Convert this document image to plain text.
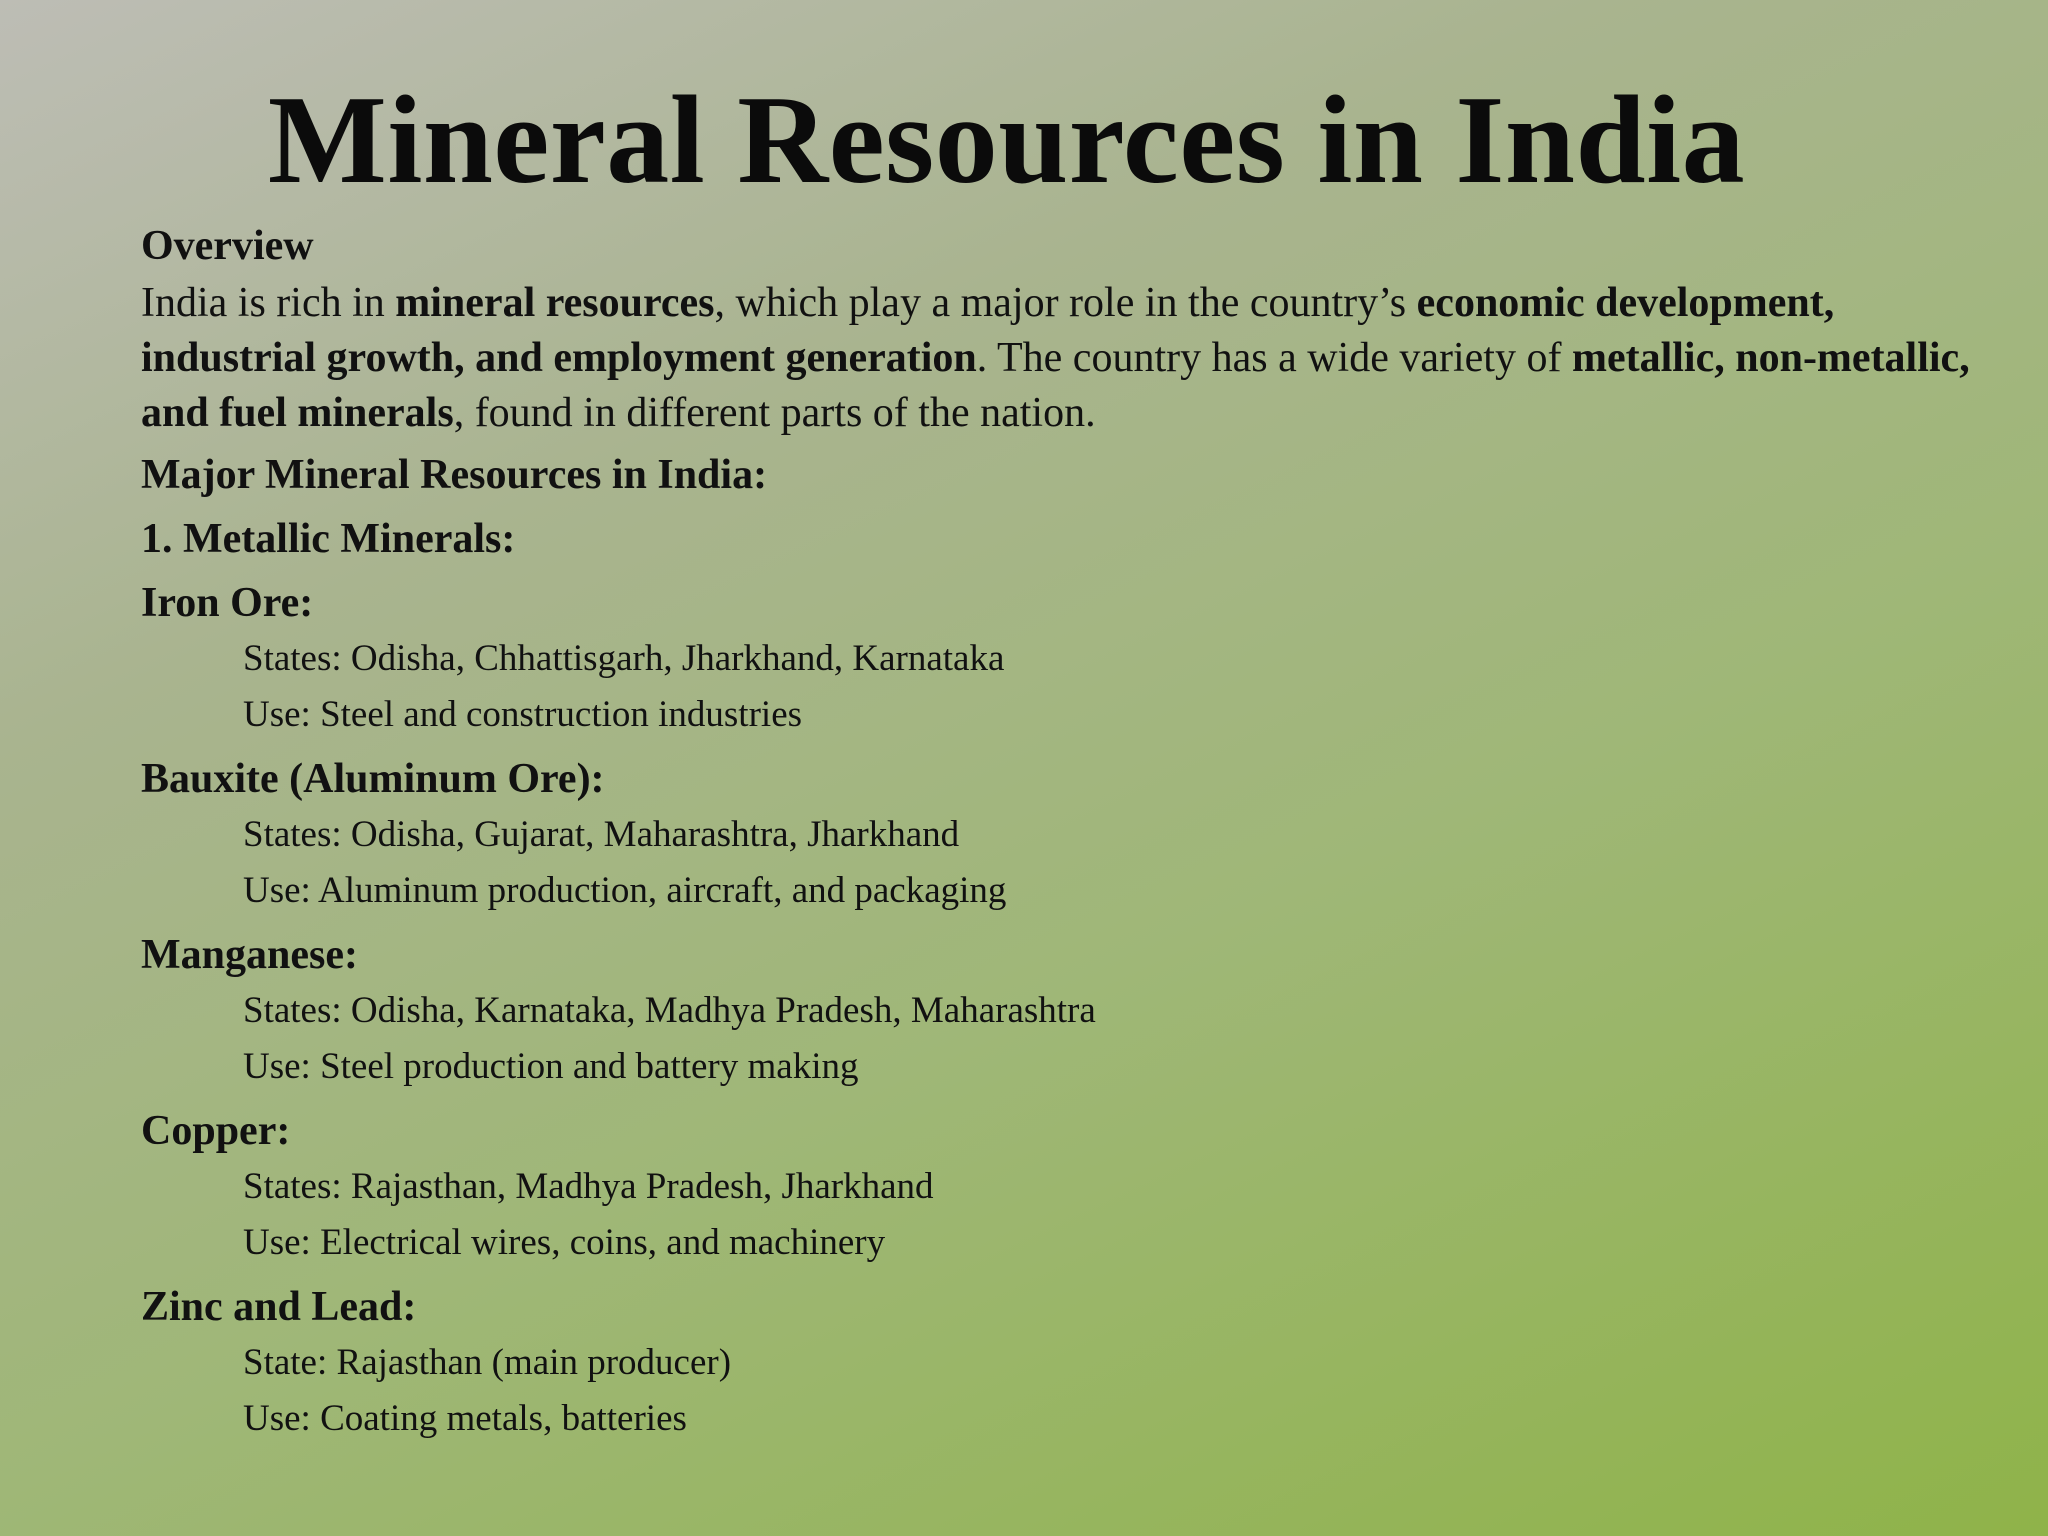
Mineral Resources in India
Overview

India is rich in mineral resources, which play a major role in the country’s economic development, industrial growth, and employment generation. The country has a wide variety of metallic, non-metallic, and fuel minerals, found in different parts of the nation.

Major Mineral Resources in India:
1. Metallic Minerals:
Iron Ore:
States: Odisha, Chhattisgarh, Jharkhand, Karnataka
Use: Steel and construction industries
Bauxite (Aluminum Ore):
States: Odisha, Gujarat, Maharashtra, Jharkhand
Use: Aluminum production, aircraft, and packaging
Manganese:
States: Odisha, Karnataka, Madhya Pradesh, Maharashtra
Use: Steel production and battery making
Copper:
States: Rajasthan, Madhya Pradesh, Jharkhand
Use: Electrical wires, coins, and machinery
Zinc and Lead:
State: Rajasthan (main producer)
Use: Coating metals, batteries
